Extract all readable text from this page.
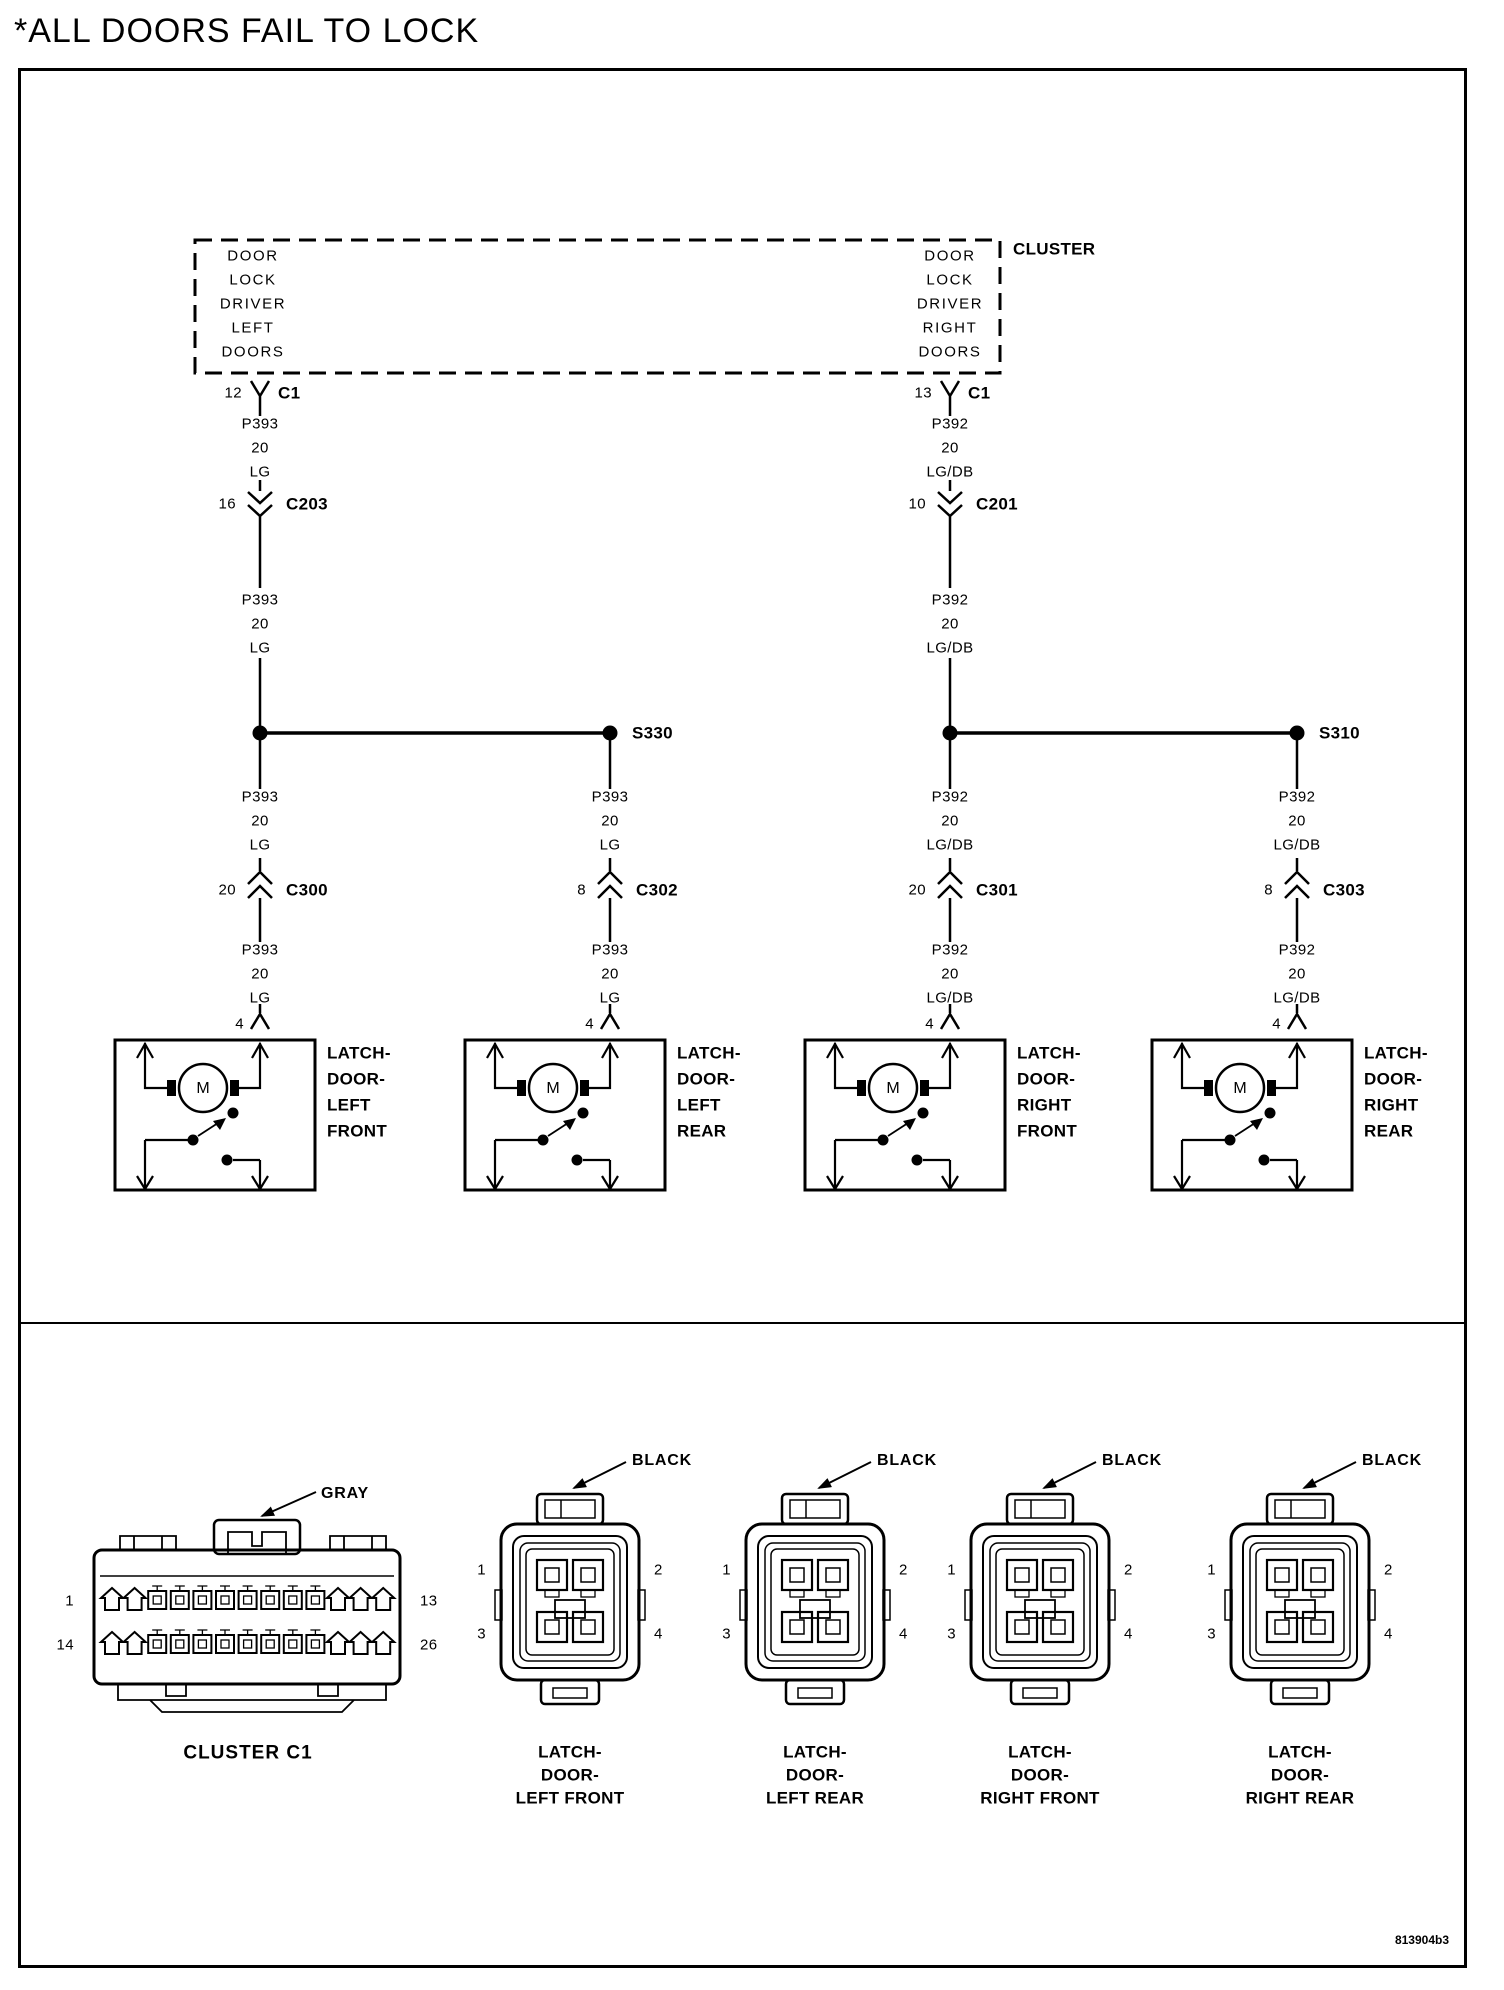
*ALL DOORS FAIL TO LOCK
DOOR
LOCK
DRIVER
LEFT
DOORS
DOOR
LOCK
DRIVER
RIGHT
DOORS
CLUSTER
12 C1
P393
20
LG
16	C203
P393
20
LG
P393
20
LG
20	C300
P393
20
LG
4
S330
P393
20
LG
8	C302
P393
20
LG
4
13 C1
P392
20
LG/DB
10	C201
P392
20
LG/DB
P392
20
LG/DB
20	C301
P392
20
LG/DB
4
S310
P392
20
LG/DB
8	C303
P392
20
LG/DB
4
LATCH-
DOOR-
LEFT
FRONT
M
LATCH-
DOOR-
LEFT
REAR
M
LATCH-
DOOR-
RIGHT
FRONT
M
LATCH-
DOOR-
RIGHT
REAR
M
GRAY
1	13
14	26
CLUSTER C1
BLACK
1	2
3	4
LATCH-
DOOR-
LEFT FRONT
BLACK
1	2
3	4
LATCH-
DOOR-
LEFT REAR
BLACK
1	2
3	4
LATCH-
DOOR-
RIGHT FRONT
BLACK
1	2
3	4
LATCH-
DOOR-
RIGHT REAR
813904b3
